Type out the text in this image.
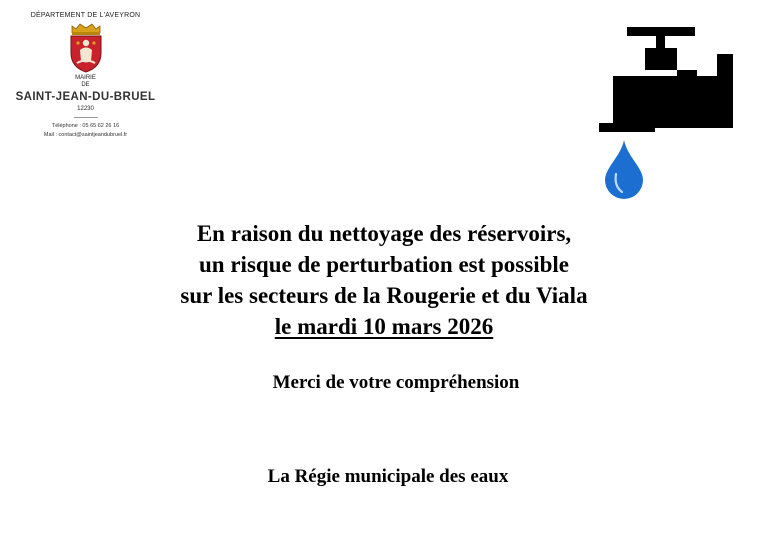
DÉPARTEMENT DE L'AVEYRON
MAIRIE
DE
SAINT-JEAN-DU-BRUEL
12230
Téléphone : 05 65 62 26 16
Mail : contact@saintjeandubruel.fr
En raison du nettoyage des réservoirs,
un risque de perturbation est possible
sur les secteurs de la Rougerie et du Viala
le mardi 10 mars 2026
Merci de votre compréhension
La Régie municipale des eaux
